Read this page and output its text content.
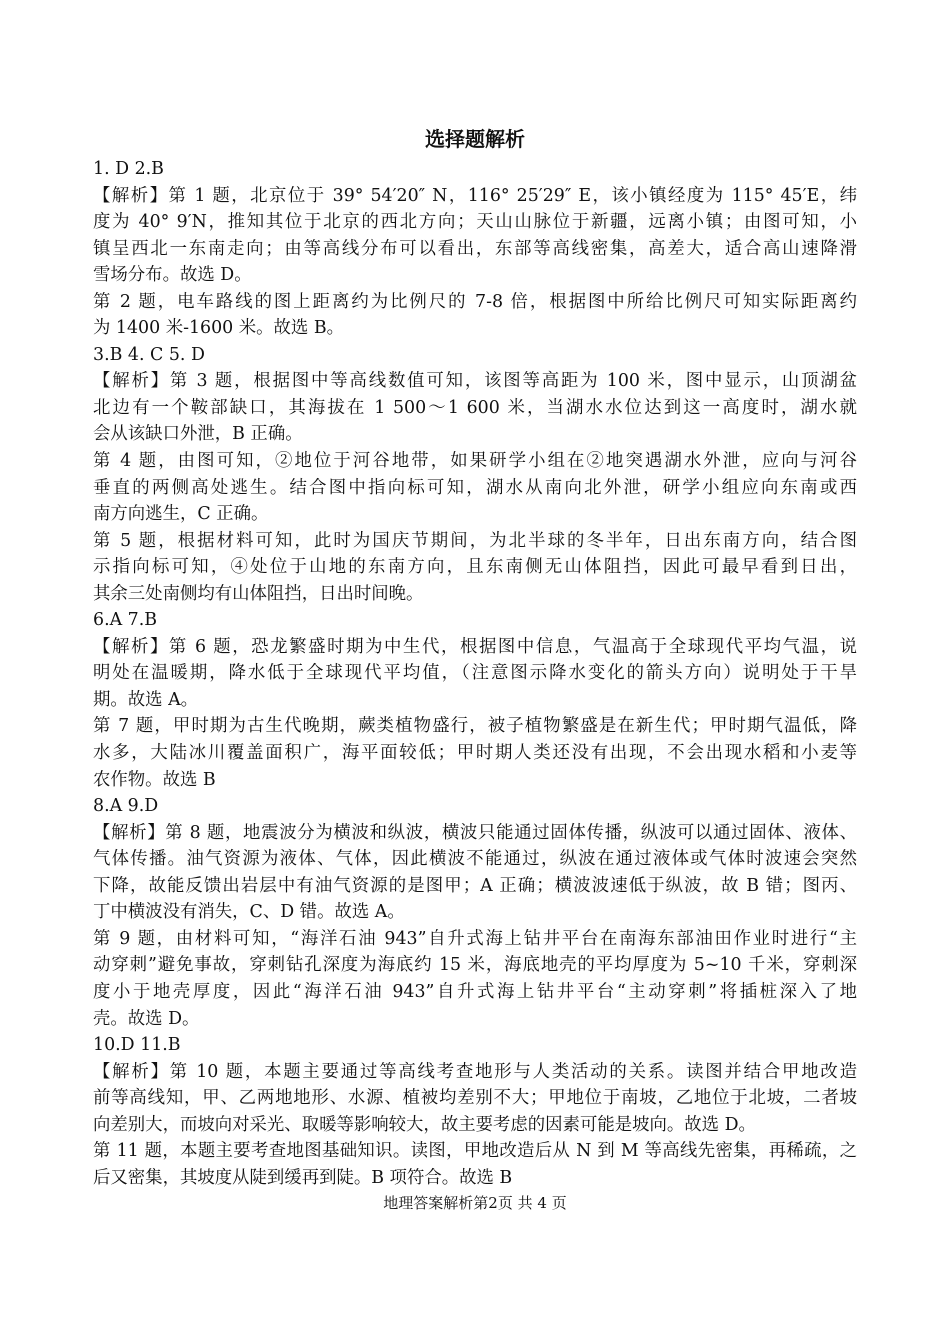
选择题解析

1. D 2.B

【解析】第 1 题，北京位于 39° 54′20″ N，116° 25′29″ E，该小镇经度为 115° 45′E，纬

度为 40° 9′N，推知其位于北京的西北方向；天山山脉位于新疆，远离小镇；由图可知，小

镇呈西北一东南走向；由等高线分布可以看出，东部等高线密集，高差大，适合高山速降滑

雪场分布。故选 D。

第 2 题，电车路线的图上距离约为比例尺的 7-8 倍，根据图中所给比例尺可知实际距离约

为 1400 米-1600 米。故选 B。

3.B 4. C 5. D

【解析】第 3 题，根据图中等高线数值可知，该图等高距为 100 米，图中显示，山顶湖盆

北边有一个鞍部缺口，其海拔在 1 500～1 600 米，当湖水水位达到这一高度时，湖水就

会从该缺口外泄，B 正确。

第 4 题，由图可知，②地位于河谷地带，如果研学小组在②地突遇湖水外泄，应向与河谷

垂直的两侧高处逃生。结合图中指向标可知，湖水从南向北外泄，研学小组应向东南或西

南方向逃生，C 正确。

第 5 题，根据材料可知，此时为国庆节期间，为北半球的冬半年，日出东南方向，结合图

示指向标可知，④处位于山地的东南方向，且东南侧无山体阻挡，因此可最早看到日出，

其余三处南侧均有山体阻挡，日出时间晚。

6.A 7.B

【解析】第 6 题，恐龙繁盛时期为中生代，根据图中信息，气温高于全球现代平均气温，说

明处在温暖期，降水低于全球现代平均值，（注意图示降水变化的箭头方向）说明处于干旱

期。故选 A。

第 7 题，甲时期为古生代晚期，蕨类植物盛行，被子植物繁盛是在新生代；甲时期气温低，降

水多，大陆冰川覆盖面积广，海平面较低；甲时期人类还没有出现，不会出现水稻和小麦等

农作物。故选 B

8.A 9.D

【解析】第 8 题，地震波分为横波和纵波，横波只能通过固体传播，纵波可以通过固体、液体、

气体传播。油气资源为液体、气体，因此横波不能通过，纵波在通过液体或气体时波速会突然

下降，故能反馈出岩层中有油气资源的是图甲；A 正确；横波波速低于纵波，故 B 错；图丙、

丁中横波没有消失，C、D 错。故选 A。

第 9 题，由材料可知，“海洋石油 943”自升式海上钻井平台在南海东部油田作业时进行“主

动穿刺”避免事故，穿刺钻孔深度为海底约 15 米，海底地壳的平均厚度为 5~10 千米，穿刺深

度小于地壳厚度，因此“海洋石油 943”自升式海上钻井平台“主动穿刺”将插桩深入了地

壳。故选 D。

10.D 11.B

【解析】第 10 题，本题主要通过等高线考查地形与人类活动的关系。读图并结合甲地改造

前等高线知，甲、乙两地地形、水源、植被均差别不大；甲地位于南坡，乙地位于北坡，二者坡

向差别大，而坡向对采光、取暖等影响较大，故主要考虑的因素可能是坡向。故选 D。

第 11 题，本题主要考查地图基础知识。读图，甲地改造后从 N 到 M 等高线先密集，再稀疏，之

后又密集，其坡度从陡到缓再到陡。B 项符合。故选 B

地理答案解析第2页 共 4 页
